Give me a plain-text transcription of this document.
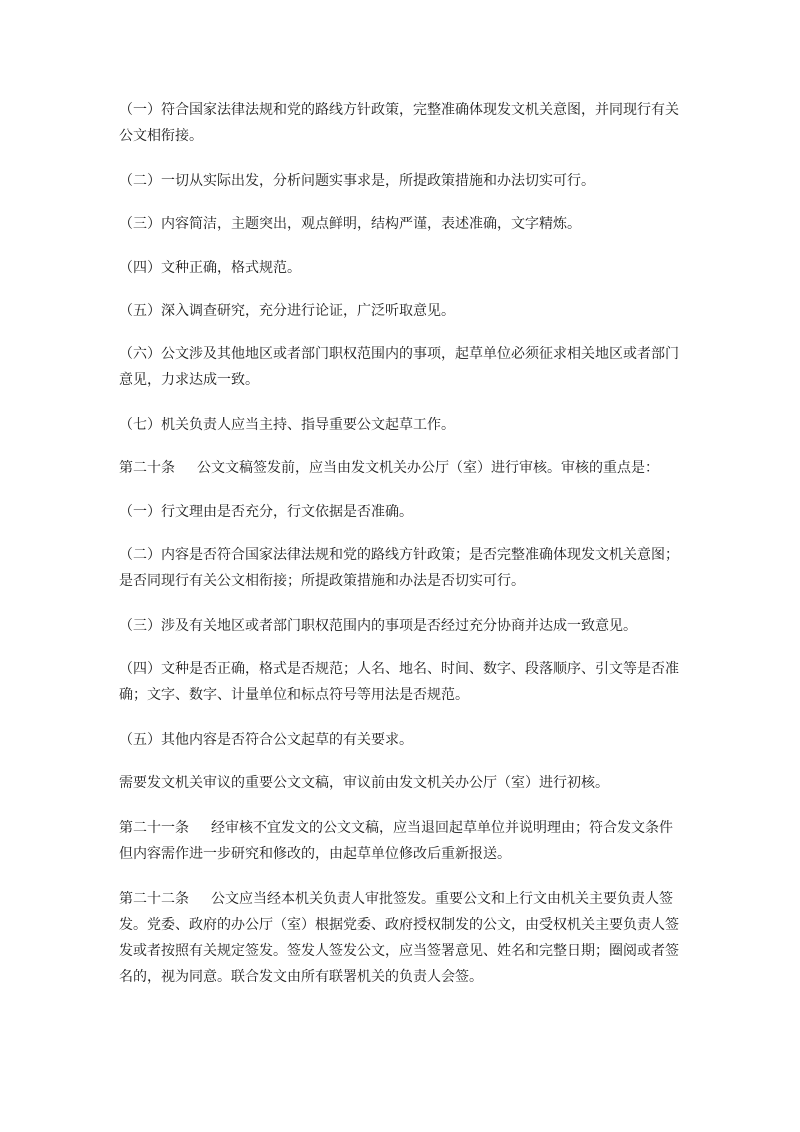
（一）符合国家法律法规和党的路线方针政策，完整准确体现发文机关意图，并同现行有关公文相衔接。

（二）一切从实际出发，分析问题实事求是，所提政策措施和办法切实可行。

（三）内容简洁，主题突出，观点鲜明，结构严谨，表述准确，文字精炼。

（四）文种正确，格式规范。

（五）深入调查研究，充分进行论证，广泛听取意见。

（六）公文涉及其他地区或者部门职权范围内的事项，起草单位必须征求相关地区或者部门意见，力求达成一致。

（七）机关负责人应当主持、指导重要公文起草工作。

第二十条 公文文稿签发前，应当由发文机关办公厅（室）进行审核。审核的重点是：

（一）行文理由是否充分，行文依据是否准确。

（二）内容是否符合国家法律法规和党的路线方针政策；是否完整准确体现发文机关意图；是否同现行有关公文相衔接；所提政策措施和办法是否切实可行。

（三）涉及有关地区或者部门职权范围内的事项是否经过充分协商并达成一致意见。

（四）文种是否正确，格式是否规范；人名、地名、时间、数字、段落顺序、引文等是否准确；文字、数字、计量单位和标点符号等用法是否规范。

（五）其他内容是否符合公文起草的有关要求。

需要发文机关审议的重要公文文稿，审议前由发文机关办公厅（室）进行初核。

第二十一条 经审核不宜发文的公文文稿，应当退回起草单位并说明理由；符合发文条件但内容需作进一步研究和修改的，由起草单位修改后重新报送。

第二十二条 公文应当经本机关负责人审批签发。重要公文和上行文由机关主要负责人签发。党委、政府的办公厅（室）根据党委、政府授权制发的公文，由受权机关主要负责人签发或者按照有关规定签发。签发人签发公文，应当签署意见、姓名和完整日期；圈阅或者签名的，视为同意。联合发文由所有联署机关的负责人会签。
